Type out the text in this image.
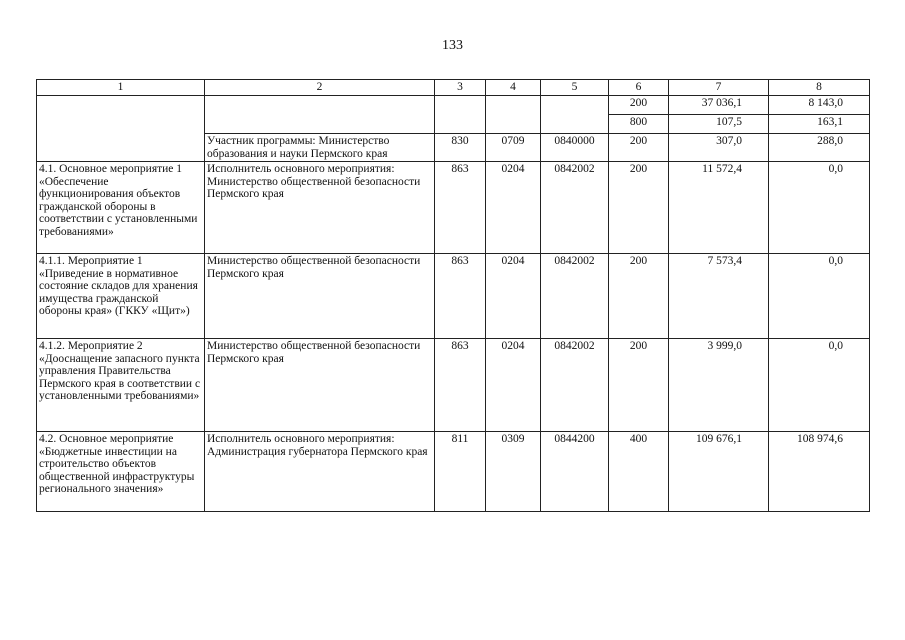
133
1	2	3	4	5	6	7	8
					200	37 036,1	8 143,0
					800	107,5	163,1
	Участник программы: Министерство образования и науки Пермского края	830	0709	0840000	200	307,0	288,0
4.1. Основное мероприятие 1 «Обеспечение функционирования объектов гражданской обороны в соответствии с установленными требованиями»	Исполнитель основного мероприятия: Министерство общественной безопасности Пермского края	863	0204	0842002	200	11 572,4	0,0
4.1.1. Мероприятие 1 «Приведение в нормативное состояние складов для хранения имущества гражданской обороны края» (ГККУ «Щит»)	Министерство общественной безопасности Пермского края	863	0204	0842002	200	7 573,4	0,0
4.1.2. Мероприятие 2 «Дооснащение запасного пункта управления Правительства Пермского края в соответствии с установленными требованиями»	Министерство общественной безопасности Пермского края	863	0204	0842002	200	3 999,0	0,0
4.2. Основное мероприятие «Бюджетные инвестиции на строительство объектов общественной инфраструктуры регионального значения»	Исполнитель основного мероприятия: Администрация губернатора Пермского края	811	0309	0844200	400	109 676,1	108 974,6
